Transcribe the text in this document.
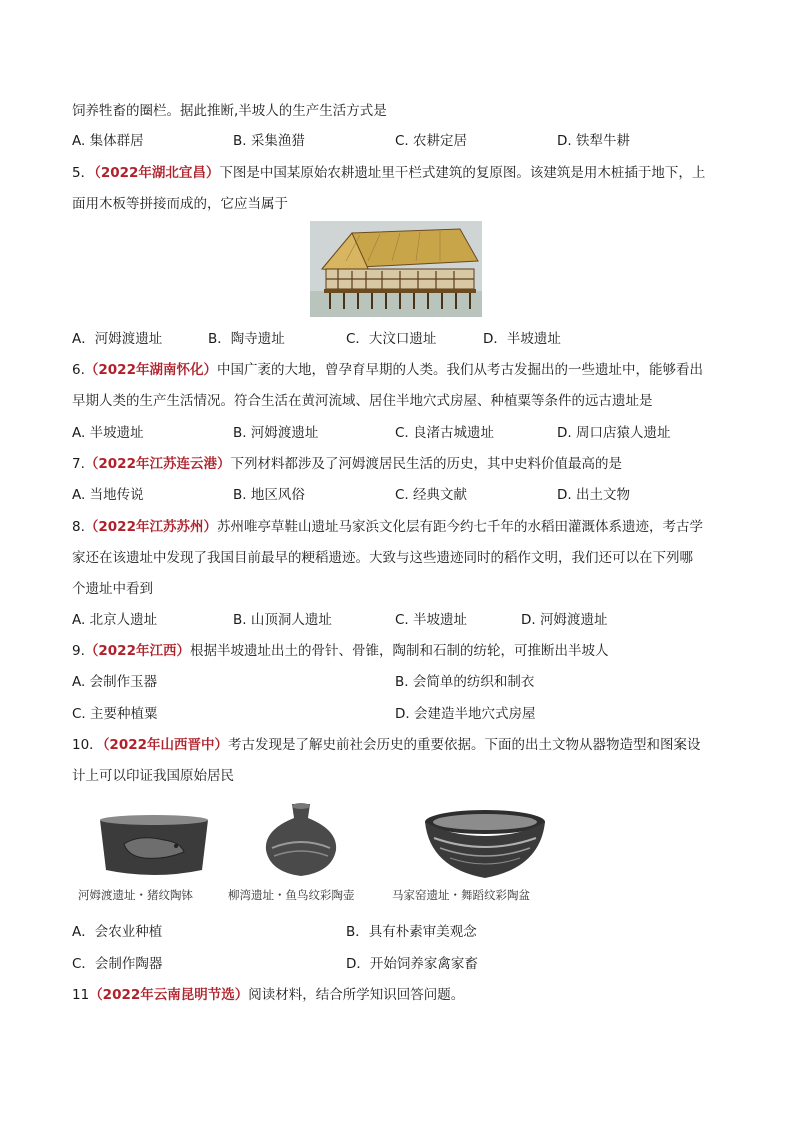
饲养牲畜的圈栏。据此推断,半坡人的生产生活方式是
A. 集体群居	B. 采集渔猎	C. 农耕定居	D. 铁犁牛耕
5．（2022年湖北宜昌）下图是中国某原始农耕遗址里干栏式建筑的复原图。该建筑是用木桩插于地下，上
面用木板等拼接而成的，它应当属于
A．河姆渡遗址	B．陶寺遗址	C．大汶口遗址	D．半坡遗址
6.（2022年湖南怀化）中国广袤的大地，曾孕育早期的人类。我们从考古发掘出的一些遗址中，能够看出
早期人类的生产生活情况。符合生活在黄河流域、居住半地穴式房屋、种植粟等条件的远古遗址是
A. 半坡遗址	B. 河姆渡遗址	C. 良渚古城遗址	D. 周口店猿人遗址
7.（2022年江苏连云港）下列材料都涉及了河姆渡居民生活的历史，其中史料价值最高的是
A. 当地传说	B. 地区风俗	C. 经典文献	D. 出土文物
8.（2022年江苏苏州）苏州唯亭草鞋山遗址马家浜文化层有距今约七千年的水稻田灌溉体系遗迹，考古学
家还在该遗址中发现了我国目前最早的粳稻遗迹。大致与这些遗迹同时的稻作文明，我们还可以在下列哪
个遗址中看到
A. 北京人遗址	B. 山顶洞人遗址	C. 半坡遗址	D. 河姆渡遗址
9.（2022年江西）根据半坡遗址出土的骨针、骨锥，陶制和石制的纺轮，可推断出半坡人
A. 会制作玉器	B. 会简单的纺织和制衣
C. 主要种植粟	D. 会建造半地穴式房屋
10．（2022年山西晋中）考古发现是了解史前社会历史的重要依据。下面的出土文物从器物造型和图案设
计上可以印证我国原始居民
河姆渡遗址・猪纹陶钵	柳湾遗址・鱼鸟纹彩陶壶	马家窑遗址・舞蹈纹彩陶盆
A．会农业种植	B．具有朴素审美观念
C．会制作陶器	D．开始饲养家禽家畜
11（2022年云南昆明节选）阅读材料，结合所学知识回答问题。
